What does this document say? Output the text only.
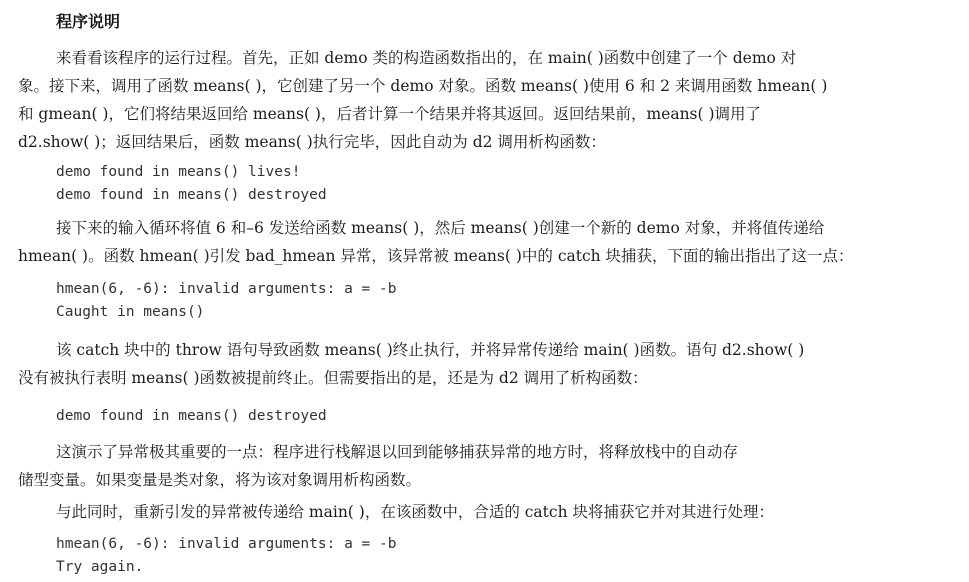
程序说明
来看看该程序的运行过程。首先，正如 demo 类的构造函数指出的，在 main( )函数中创建了一个 demo 对
象。接下来，调用了函数 means( )，它创建了另一个 demo 对象。函数 means( )使用 6 和 2 来调用函数 hmean( )
和 gmean( )，它们将结果返回给 means( )，后者计算一个结果并将其返回。返回结果前，means( )调用了
d2.show( )；返回结果后，函数 means( )执行完毕，因此自动为 d2 调用析构函数：
demo found in means() lives!
demo found in means() destroyed
接下来的输入循环将值 6 和–6 发送给函数 means( )，然后 means( )创建一个新的 demo 对象，并将值传递给
hmean( )。函数 hmean( )引发 bad_hmean 异常，该异常被 means( )中的 catch 块捕获，下面的输出指出了这一点：
hmean(6, -6): invalid arguments: a = -b
Caught in means()
该 catch 块中的 throw 语句导致函数 means( )终止执行，并将异常传递给 main( )函数。语句 d2.show( )
没有被执行表明 means( )函数被提前终止。但需要指出的是，还是为 d2 调用了析构函数：
demo found in means() destroyed
这演示了异常极其重要的一点：程序进行栈解退以回到能够捕获异常的地方时，将释放栈中的自动存
储型变量。如果变量是类对象，将为该对象调用析构函数。
与此同时，重新引发的异常被传递给 main( )，在该函数中，合适的 catch 块将捕获它并对其进行处理：
hmean(6, -6): invalid arguments: a = -b
Try again.
